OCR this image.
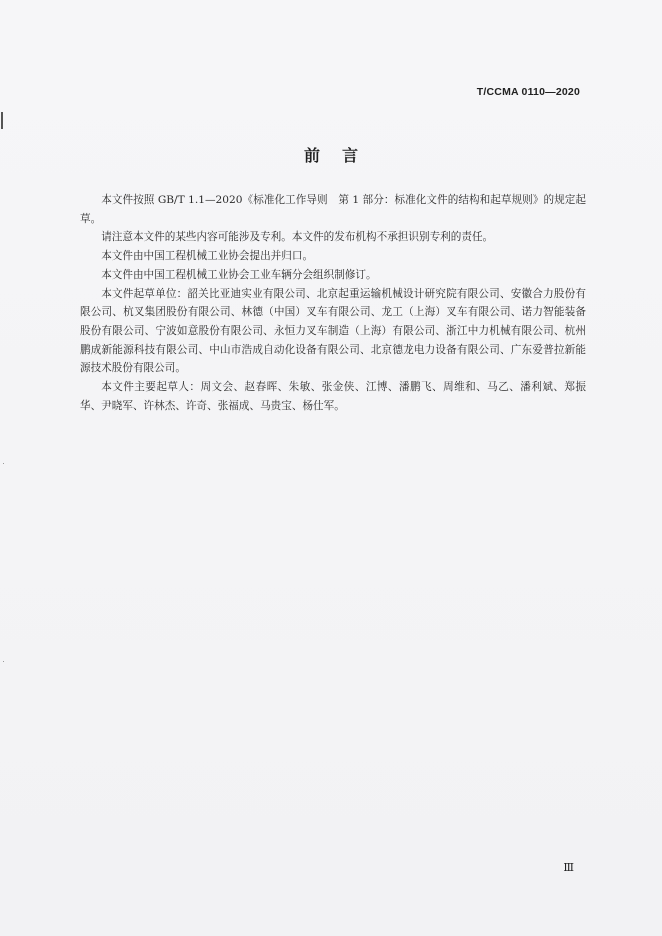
T/CCMA 0110—2020
前言

本文件按照 GB/T 1.1—2020《标准化工作导则　第 1 部分：标准化文件的结构和起草规则》的规定起草。

请注意本文件的某些内容可能涉及专利。本文件的发布机构不承担识别专利的责任。

本文件由中国工程机械工业协会提出并归口。

本文件由中国工程机械工业协会工业车辆分会组织制修订。

本文件起草单位：韶关比亚迪实业有限公司、北京起重运输机械设计研究院有限公司、安徽合力股份有限公司、杭叉集团股份有限公司、林德（中国）叉车有限公司、龙工（上海）叉车有限公司、诺力智能装备股份有限公司、宁波如意股份有限公司、永恒力叉车制造（上海）有限公司、浙江中力机械有限公司、杭州鹏成新能源科技有限公司、中山市浩成自动化设备有限公司、北京德龙电力设备有限公司、广东爱普拉新能源技术股份有限公司。

本文件主要起草人：周文会、赵春晖、朱敏、张金侠、江博、潘鹏飞、周维和、马乙、潘利斌、郑振华、尹晓军、许林杰、许奇、张福成、马贵宝、杨仕军。

Ⅲ
